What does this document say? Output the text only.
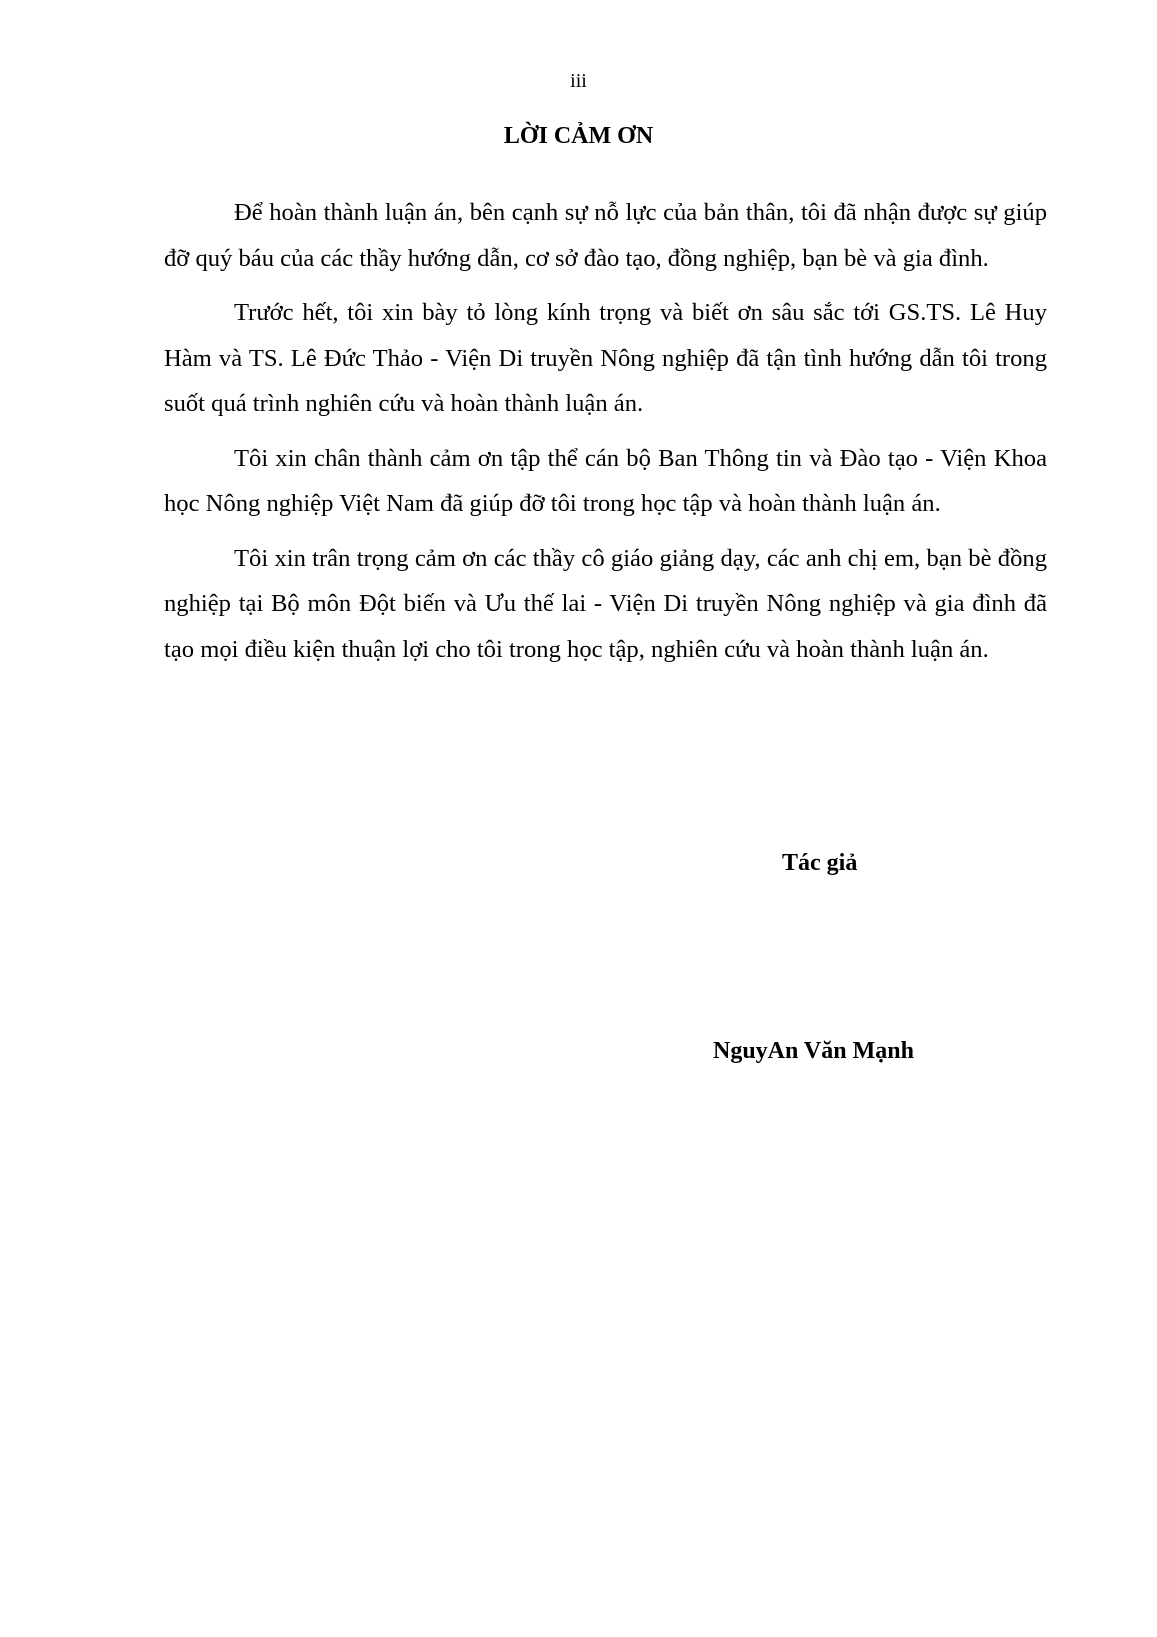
iii
LỜI CẢM ƠN

Để hoàn thành luận án, bên cạnh sự nỗ lực của bản thân, tôi đã nhận được sự giúp đỡ quý báu của các thầy hướng dẫn, cơ sở đào tạo, đồng nghiệp, bạn bè và gia đình.

Trước hết, tôi xin bày tỏ lòng kính trọng và biết ơn sâu sắc tới GS.TS. Lê Huy Hàm và TS. Lê Đức Thảo - Viện Di truyền Nông nghiệp đã tận tình hướng dẫn tôi trong suốt quá trình nghiên cứu và hoàn thành luận án.

Tôi xin chân thành cảm ơn tập thể cán bộ Ban Thông tin và Đào tạo - Viện Khoa học Nông nghiệp Việt Nam đã giúp đỡ tôi trong học tập và hoàn thành luận án.

Tôi xin trân trọng cảm ơn các thầy cô giáo giảng dạy, các anh chị em, bạn bè đồng nghiệp tại Bộ môn Đột biến và Ưu thế lai - Viện Di truyền Nông nghiệp và gia đình đã tạo mọi điều kiện thuận lợi cho tôi trong học tập, nghiên cứu và hoàn thành luận án.

Tác giả
NguyAn Văn Mạnh
